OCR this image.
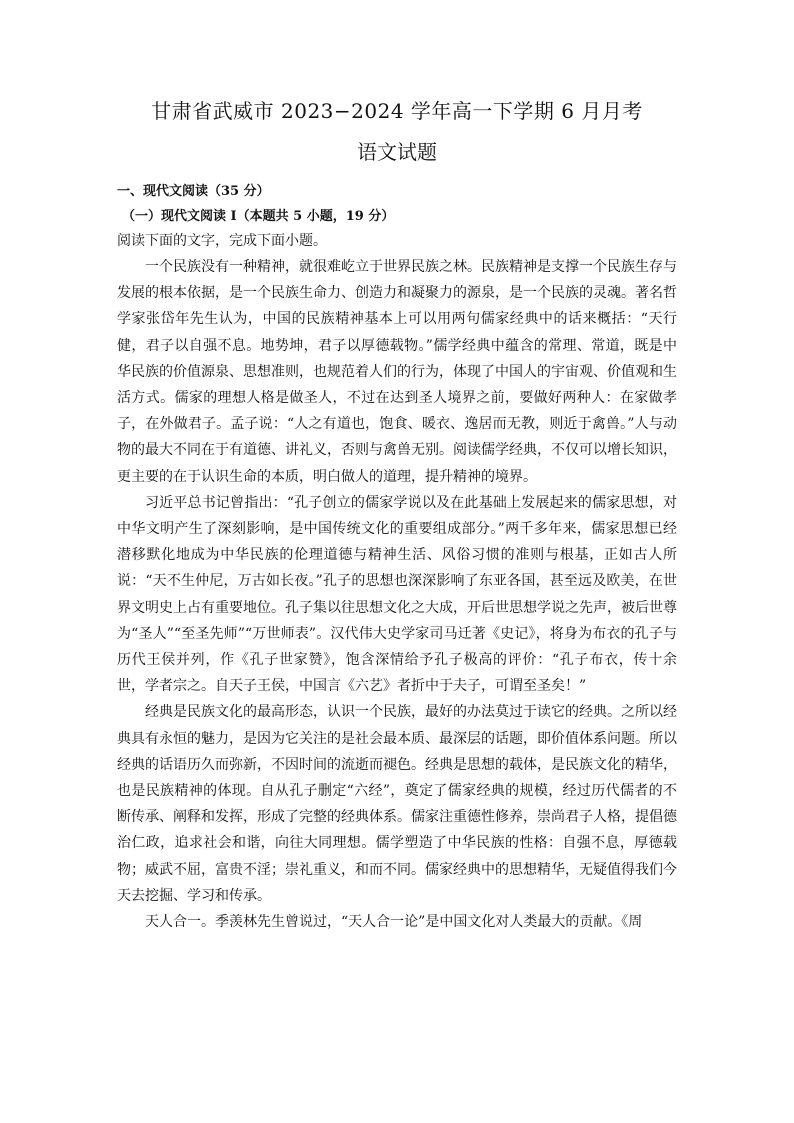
甘肃省武威市 2023−2024 学年高一下学期 6 月月考
语文试题

一、现代文阅读（35 分）

（一）现代文阅读 I（本题共 5 小题，19 分）

阅读下面的文字，完成下面小题。

一个民族没有一种精神，就很难屹立于世界民族之林。民族精神是支撑一个民族生存与发展的根本依据，是一个民族生命力、创造力和凝聚力的源泉，是一个民族的灵魂。著名哲学家张岱年先生认为，中国的民族精神基本上可以用两句儒家经典中的话来概括：“天行健，君子以自强不息。地势坤，君子以厚德载物。”儒学经典中蕴含的常理、常道，既是中华民族的价值源泉、思想准则，也规范着人们的行为，体现了中国人的宇宙观、价值观和生活方式。儒家的理想人格是做圣人，不过在达到圣人境界之前，要做好两种人：在家做孝子，在外做君子。孟子说：“人之有道也，饱食、暖衣、逸居而无教，则近于禽兽。”人与动物的最大不同在于有道德、讲礼义，否则与禽兽无别。阅读儒学经典，不仅可以增长知识，更主要的在于认识生命的本质，明白做人的道理，提升精神的境界。

习近平总书记曾指出：“孔子创立的儒家学说以及在此基础上发展起来的儒家思想，对中华文明产生了深刻影响，是中国传统文化的重要组成部分。”两千多年来，儒家思想已经潜移默化地成为中华民族的伦理道德与精神生活、风俗习惯的准则与根基，正如古人所说：“天不生仲尼，万古如长夜。”孔子的思想也深深影响了东亚各国，甚至远及欧美，在世界文明史上占有重要地位。孔子集以往思想文化之大成，开后世思想学说之先声，被后世尊为“圣人”“至圣先师”“万世师表”。汉代伟大史学家司马迁著《史记》，将身为布衣的孔子与历代王侯并列，作《孔子世家赞》，饱含深情给予孔子极高的评价：“孔子布衣，传十余世，学者宗之。自天子王侯，中国言《六艺》者折中于夫子，可谓至圣矣！”

经典是民族文化的最高形态，认识一个民族，最好的办法莫过于读它的经典。之所以经典具有永恒的魅力，是因为它关注的是社会最本质、最深层的话题，即价值体系问题。所以经典的话语历久而弥新，不因时间的流逝而褪色。经典是思想的载体，是民族文化的精华，也是民族精神的体现。自从孔子删定“六经”，奠定了儒家经典的规模，经过历代儒者的不断传承、阐释和发挥，形成了完整的经典体系。儒家注重德性修养，崇尚君子人格，提倡德治仁政，追求社会和谐，向往大同理想。儒学塑造了中华民族的性格：自强不息，厚德载物；威武不屈，富贵不淫；崇礼重义，和而不同。儒家经典中的思想精华，无疑值得我们今天去挖掘、学习和传承。

天人合一。季羡林先生曾说过，“天人合一论”是中国文化对人类最大的贡献。《周
